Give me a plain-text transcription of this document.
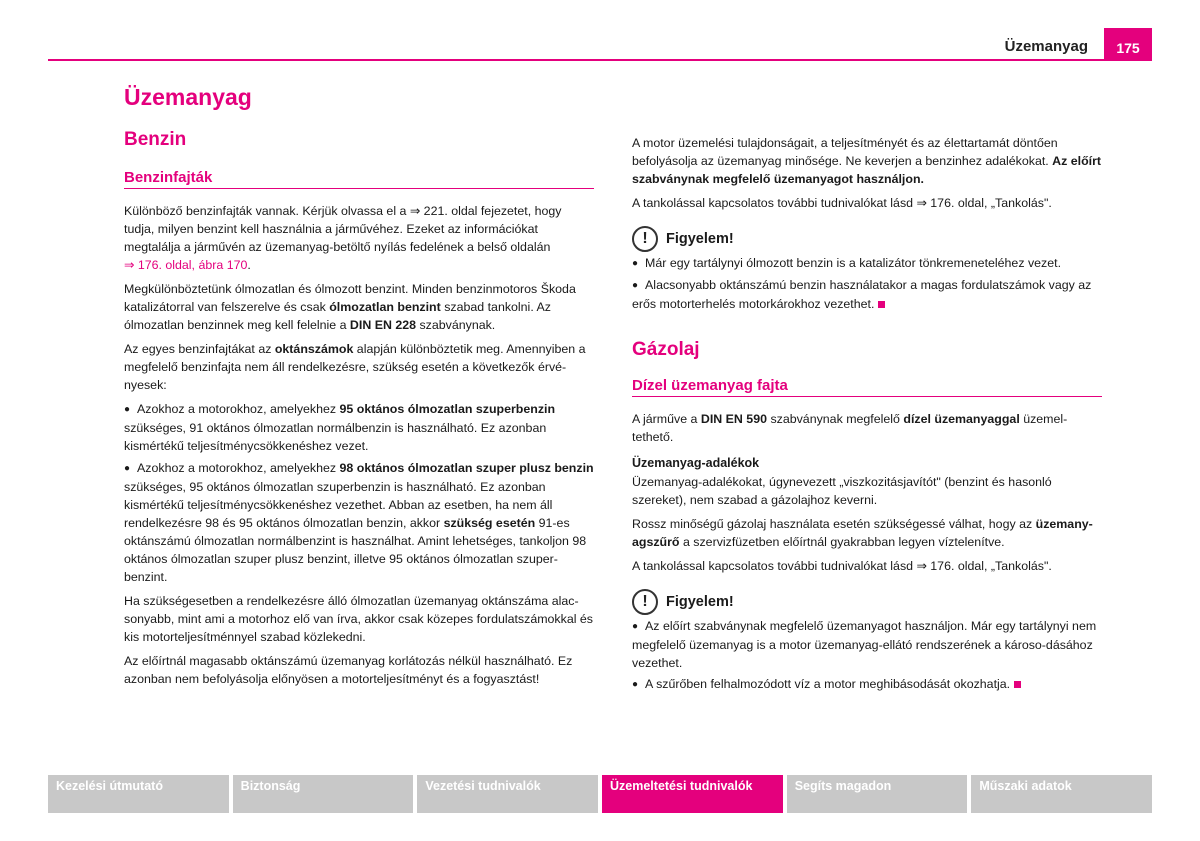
Üzemanyag	175
Üzemanyag
Benzin
Benzinfajták

Különböző benzinfajták vannak. Kérjük olvassa el a ⇒ 221. oldal fejezetet, hogy tudja, milyen benzint kell használnia a járművéhez. Ezeket az információkat megtalálja a járművén az üzemanyag-betöltő nyílás fedelének a belső oldalán
⇒ 176. oldal, ábra 170.

Megkülönböztetünk ólmozatlan és ólmozott benzint. Minden benzinmotoros Škoda katalizátorral van felszerelve és csak ólmozatlan benzint szabad tankolni. Az ólmozatlan benzinnek meg kell felelnie a DIN EN 228 szabványnak.

Az egyes benzinfajtákat az oktánszámok alapján különböztetik meg. Amennyiben a megfelelő benzinfajta nem áll rendelkezésre, szükség esetén a következők érvé-nyesek:

● Azokhoz a motorokhoz, amelyekhez 95 oktános ólmozatlan szuperbenzin szükséges, 91 oktános ólmozatlan normálbenzin is használható. Ez azonban kismértékű teljesítménycsökkenéshez vezet.

● Azokhoz a motorokhoz, amelyekhez 98 oktános ólmozatlan szuper plusz benzin szükséges, 95 oktános ólmozatlan szuperbenzin is használható. Ez azonban kismértékű teljesítménycsökkenéshez vezethet. Abban az esetben, ha nem áll rendelkezésre 98 és 95 oktános ólmozatlan benzin, akkor szükség esetén 91-es oktánszámú ólmozatlan normálbenzint is használhat. Amint lehetséges, tankoljon 98 oktános ólmozatlan szuper plusz benzint, illetve 95 oktános ólmozatlan szuper-benzint.

Ha szükségesetben a rendelkezésre álló ólmozatlan üzemanyag oktánszáma alac-sonyabb, mint ami a motorhoz elő van írva, akkor csak közepes fordulatszámokkal és kis motorteljesítménnyel szabad közlekedni.

Az előírtnál magasabb oktánszámú üzemanyag korlátozás nélkül használható. Ez azonban nem befolyásolja előnyösen a motorteljesítményt és a fogyasztást!

A motor üzemelési tulajdonságait, a teljesítményét és az élettartamát döntően befolyásolja az üzemanyag minősége. Ne keverjen a benzinhez adalékokat. Az előírt szabványnak megfelelő üzemanyagot használjon.

A tankolással kapcsolatos további tudnivalókat lásd ⇒ 176. oldal, „Tankolás".

!	Figyelem!

● Már egy tartálynyi ólmozott benzin is a katalizátor tönkremeneteléhez vezet.

● Alacsonyabb oktánszámú benzin használatakor a magas fordulatszámok vagy az erős motorterhelés motorkárokhoz vezethet.

Gázolaj
Dízel üzemanyag fajta

A járműve a DIN EN 590 szabványnak megfelelő dízel üzemanyaggal üzemel-tethető.

Üzemanyag-adalékok

Üzemanyag-adalékokat, úgynevezett „viszkozitásjavítót" (benzint és hasonló szereket), nem szabad a gázolajhoz keverni.

Rossz minőségű gázolaj használata esetén szükségessé válhat, hogy az üzemany-agszűrő a szervizfüzetben előírtnál gyakrabban legyen víztelenítve.

A tankolással kapcsolatos további tudnivalókat lásd ⇒ 176. oldal, „Tankolás".

!	Figyelem!

● Az előírt szabványnak megfelelő üzemanyagot használjon. Már egy tartálynyi nem megfelelő üzemanyag is a motor üzemanyag-ellátó rendszerének a károso-dásához vezethet.

● A szűrőben felhalmozódott víz a motor meghibásodását okozhatja.

Kezelési útmutató	Biztonság	Vezetési tudnivalók	Üzemeltetési tudnivalók	Segíts magadon	Műszaki adatok
